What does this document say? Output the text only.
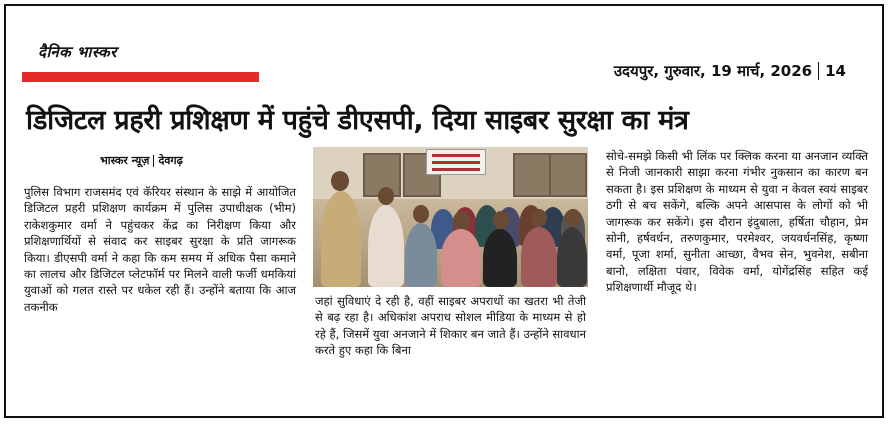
दैनिक भास्कर
उदयपुर, गुरुवार, 19 मार्च, 2026 14
डिजिटल प्रहरी प्रशिक्षण में पहुंचे डीएसपी, दिया साइबर सुरक्षा का मंत्र
भास्कर न्यूज़ देवगढ़
पुलिस विभाग राजसमंद एवं कॅरियर संस्थान के साझे में आयोजित डिजिटल प्रहरी प्रशिक्षण कार्यक्रम में पुलिस उपाधीक्षक (भीम) राकेशकुमार वर्मा ने पहुंचकर केंद्र का निरीक्षण किया और प्रशिक्षणार्थियों से संवाद कर साइबर सुरक्षा के प्रति जागरूक किया। डीएसपी वर्मा ने कहा कि कम समय में अधिक पैसा कमाने का लालच और डिजिटल प्लेटफॉर्म पर मिलने वाली फर्जी धमकियां युवाओं को गलत रास्ते पर धकेल रही हैं। उन्होंने बताया कि आज तकनीक	जहां सुविधाएं दे रही है, वहीं साइबर अपराधों का खतरा भी तेजी से बढ़ रहा है। अधिकांश अपराध सोशल मीडिया के माध्यम से हो रहे हैं, जिसमें युवा अनजाने में शिकार बन जाते हैं। उन्होंने सावधान करते हुए कहा कि बिना
सोचे-समझे किसी भी लिंक पर क्लिक करना या अनजान व्यक्ति से निजी जानकारी साझा करना गंभीर नुकसान का कारण बन सकता है। इस प्रशिक्षण के माध्यम से युवा न केवल स्वयं साइबर ठगी से बच सकेंगे, बल्कि अपने आसपास के लोगों को भी जागरूक कर सकेंगे। इस दौरान इंदुबाला, हर्षिता चौहान, प्रेम सोनी, हर्षवर्धन, तरुणकुमार, परमेश्वर, जयवर्धनसिंह, कृष्णा वर्मा, पूजा शर्मा, सुनीता आच्छा, वैभव सेन, भुवनेश, सबीना बानो, लक्षिता पंवार, विवेक वर्मा, योगेंद्रसिंह सहित कई प्रशिक्षणार्थी मौजूद थे।
